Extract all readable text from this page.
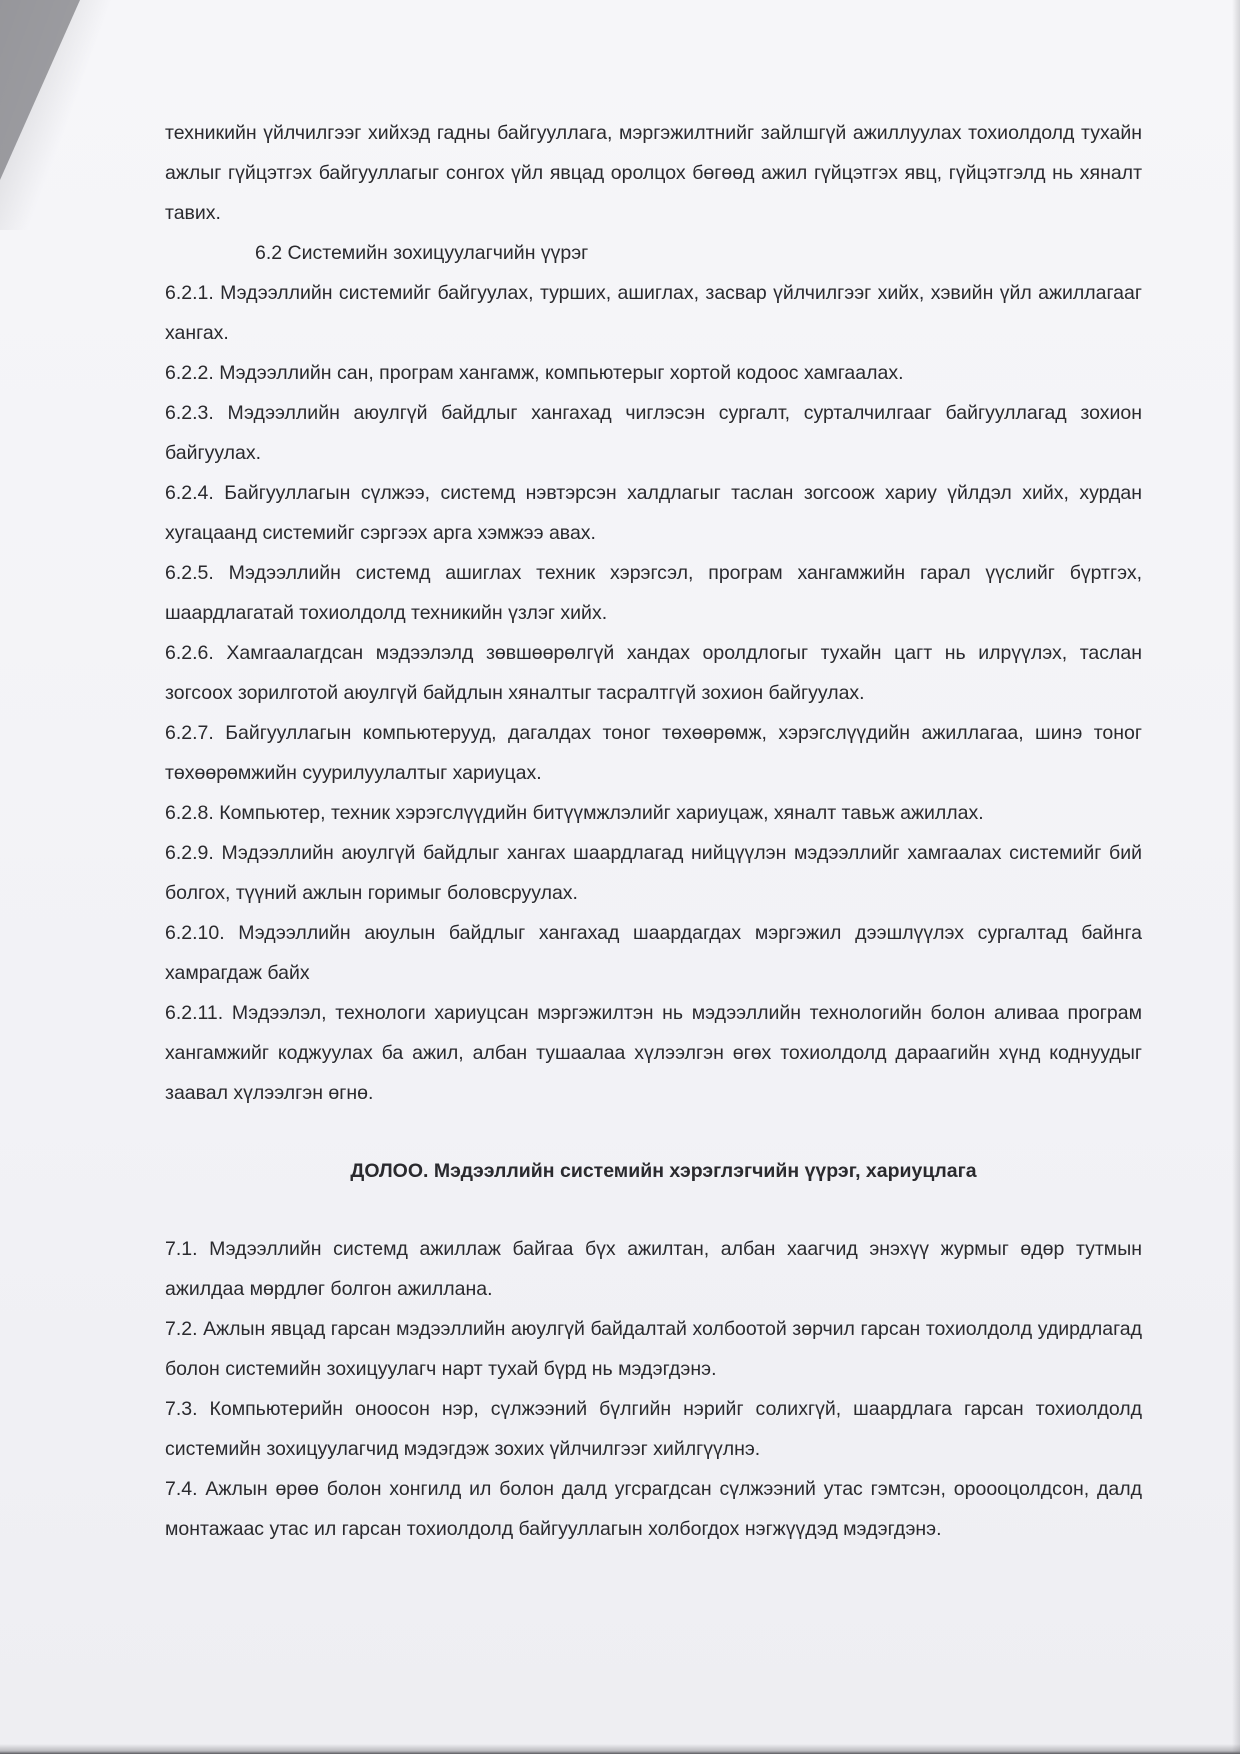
техникийн үйлчилгээг хийхэд гадны байгууллага, мэргэжилтнийг зайлшгүй ажиллуулах тохиолдолд тухайн ажлыг гүйцэтгэх байгууллагыг сонгох үйл явцад оролцох бөгөөд ажил гүйцэтгэх явц, гүйцэтгэлд нь хяналт тавих.

6.2 Системийн зохицуулагчийн үүрэг

6.2.1. Мэдээллийн системийг байгуулах, турших, ашиглах, засвар үйлчилгээг хийх, хэвийн үйл ажиллагааг хангах.

6.2.2. Мэдээллийн сан, програм хангамж, компьютерыг хортой кодоос хамгаалах.

6.2.3. Мэдээллийн аюулгүй байдлыг хангахад чиглэсэн сургалт, сурталчилгааг байгууллагад зохион байгуулах.

6.2.4. Байгууллагын сүлжээ, системд нэвтэрсэн халдлагыг таслан зогсоож хариу үйлдэл хийх, хурдан хугацаанд системийг сэргээх арга хэмжээ авах.

6.2.5. Мэдээллийн системд ашиглах техник хэрэгсэл, програм хангамжийн гарал үүслийг бүртгэх, шаардлагатай тохиолдолд техникийн үзлэг хийх.

6.2.6. Хамгаалагдсан мэдээлэлд зөвшөөрөлгүй хандах оролдлогыг тухайн цагт нь илрүүлэх, таслан зогсоох зорилготой аюулгүй байдлын хяналтыг тасралтгүй зохион байгуулах.

6.2.7. Байгууллагын компьютерууд, дагалдах тоног төхөөрөмж, хэрэгслүүдийн ажиллагаа, шинэ тоног төхөөрөмжийн суурилуулалтыг хариуцах.

6.2.8. Компьютер, техник хэрэгслүүдийн битүүмжлэлийг хариуцаж, хяналт тавьж ажиллах.

6.2.9. Мэдээллийн аюулгүй байдлыг хангах шаардлагад нийцүүлэн мэдээллийг хамгаалах системийг бий болгох, түүний ажлын горимыг боловсруулах.

6.2.10. Мэдээллийн аюулын байдлыг хангахад шаардагдах мэргэжил дээшлүүлэх сургалтад байнга хамрагдаж байх

6.2.11. Мэдээлэл, технологи хариуцсан мэргэжилтэн нь мэдээллийн технологийн болон аливаа програм хангамжийг коджуулах ба ажил, албан тушаалаа хүлээлгэн өгөх тохиолдолд дараагийн хүнд коднуудыг заавал хүлээлгэн өгнө.

ДОЛОО. Мэдээллийн системийн хэрэглэгчийн үүрэг, хариуцлага

7.1. Мэдээллийн системд ажиллаж байгаа бүх ажилтан, албан хаагчид энэхүү журмыг өдөр тутмын ажилдаа мөрдлөг болгон ажиллана.

7.2. Ажлын явцад гарсан мэдээллийн аюулгүй байдалтай холбоотой зөрчил гарсан тохиолдолд удирдлагад болон системийн зохицуулагч нарт тухай бүрд нь мэдэгдэнэ.

7.3. Компьютерийн оноосон нэр, сүлжээний бүлгийн нэрийг солихгүй, шаардлага гарсан тохиолдолд системийн зохицуулагчид мэдэгдэж зохих үйлчилгээг хийлгүүлнэ.

7.4. Ажлын өрөө болон хонгилд ил болон далд угсрагдсан сүлжээний утас гэмтсэн, ороооцолдсон, далд монтажаас утас ил гарсан тохиолдолд байгууллагын холбогдох нэгжүүдэд мэдэгдэнэ.
